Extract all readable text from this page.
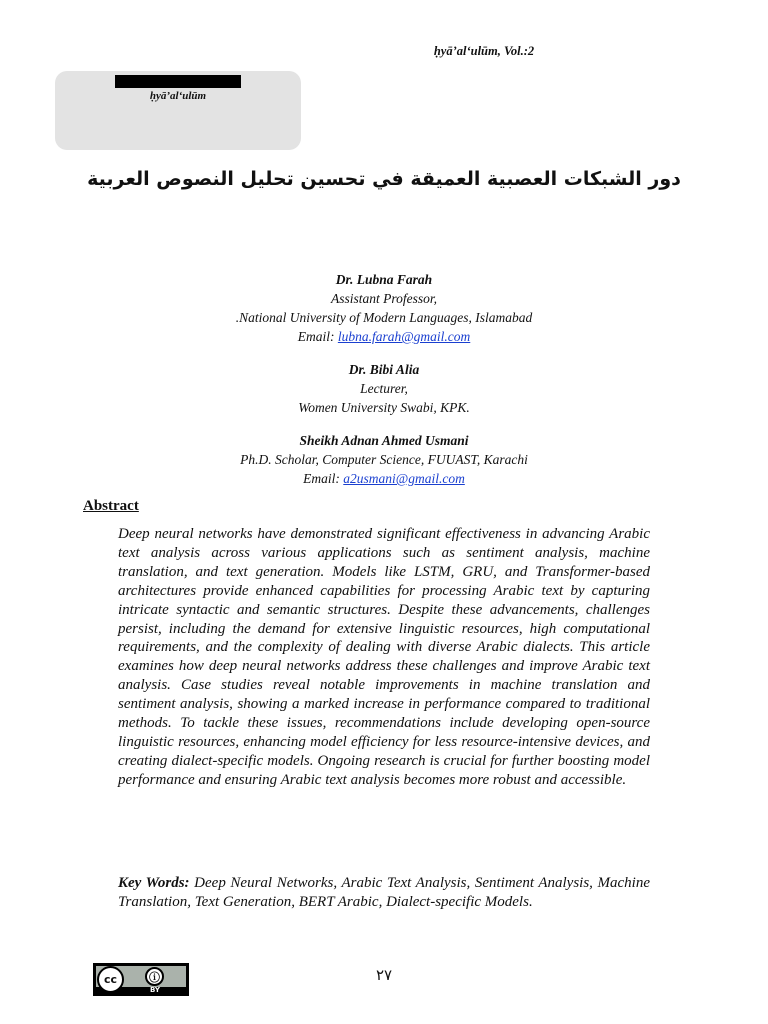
ḥyā’al‘ulūm, Vol.:2
ḥyā’al‘ulūm
دور الشبكات العصبية العميقة في تحسين تحليل النصوص العربية
Dr. Lubna Farah
Assistant Professor,
.National University of Modern Languages, Islamabad
Email: lubna.farah@gmail.com
Dr. Bibi Alia
Lecturer,
Women University Swabi, KPK.
Sheikh Adnan Ahmed Usmani
Ph.D. Scholar, Computer Science, FUUAST, Karachi
Email: a2usmani@gmail.com
Abstract

Deep neural networks have demonstrated significant effectiveness in advancing Arabic text analysis across various applications such as sentiment analysis, machine translation, and text generation. Models like LSTM, GRU, and Transformer-based architectures provide enhanced capabilities for processing Arabic text by capturing intricate syntactic and semantic structures. Despite these advancements, challenges persist, including the demand for extensive linguistic resources, high computational requirements, and the complexity of dealing with diverse Arabic dialects. This article examines how deep neural networks address these challenges and improve Arabic text analysis. Case studies reveal notable improvements in machine translation and sentiment analysis, showing a marked increase in performance compared to traditional methods. To tackle these issues, recommendations include developing open-source linguistic resources, enhancing model efficiency for less resource-intensive devices, and creating dialect-specific models. Ongoing research is crucial for further boosting model performance and ensuring Arabic text analysis becomes more robust and accessible.

Key Words: Deep Neural Networks, Arabic Text Analysis, Sentiment Analysis, Machine Translation, Text Generation, BERT Arabic, Dialect-specific Models.

cc	ⓘ
BY
٢٧
